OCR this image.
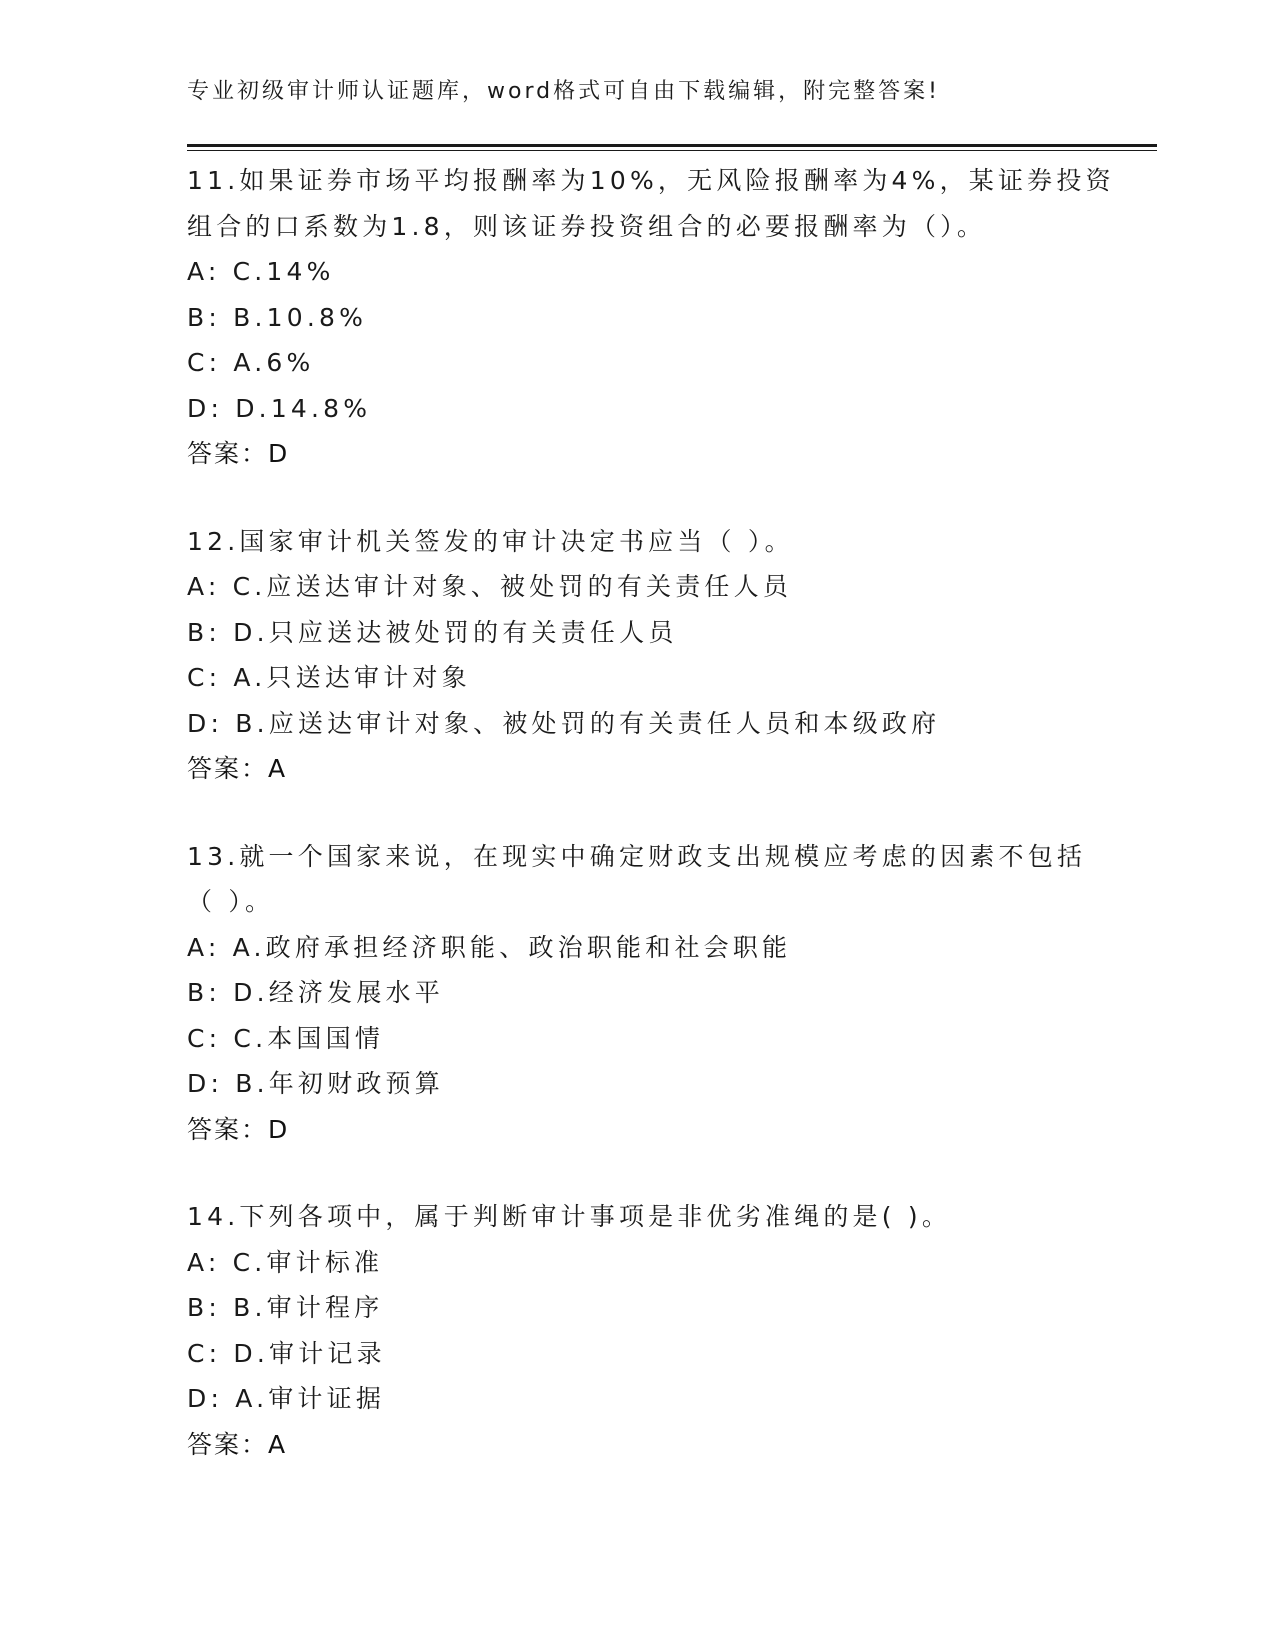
专业初级审计师认证题库，word格式可自由下载编辑，附完整答案!
11.如果证券市场平均报酬率为10%，无风险报酬率为4%，某证券投资
组合的口系数为1.8，则该证券投资组合的必要报酬率为（）。
A: C.14%
B: B.10.8%
C: A.6%
D: D.14.8%
答案：D
12.国家审计机关签发的审计决定书应当（ ）。
A: C.应送达审计对象、被处罚的有关责任人员
B: D.只应送达被处罚的有关责任人员
C: A.只送达审计对象
D: B.应送达审计对象、被处罚的有关责任人员和本级政府
答案：A
13.就一个国家来说，在现实中确定财政支出规模应考虑的因素不包括
（ ）。
A: A.政府承担经济职能、政治职能和社会职能
B: D.经济发展水平
C: C.本国国情
D: B.年初财政预算
答案：D
14.下列各项中，属于判断审计事项是非优劣准绳的是( )。
A: C.审计标准
B: B.审计程序
C: D.审计记录
D: A.审计证据
答案：A
